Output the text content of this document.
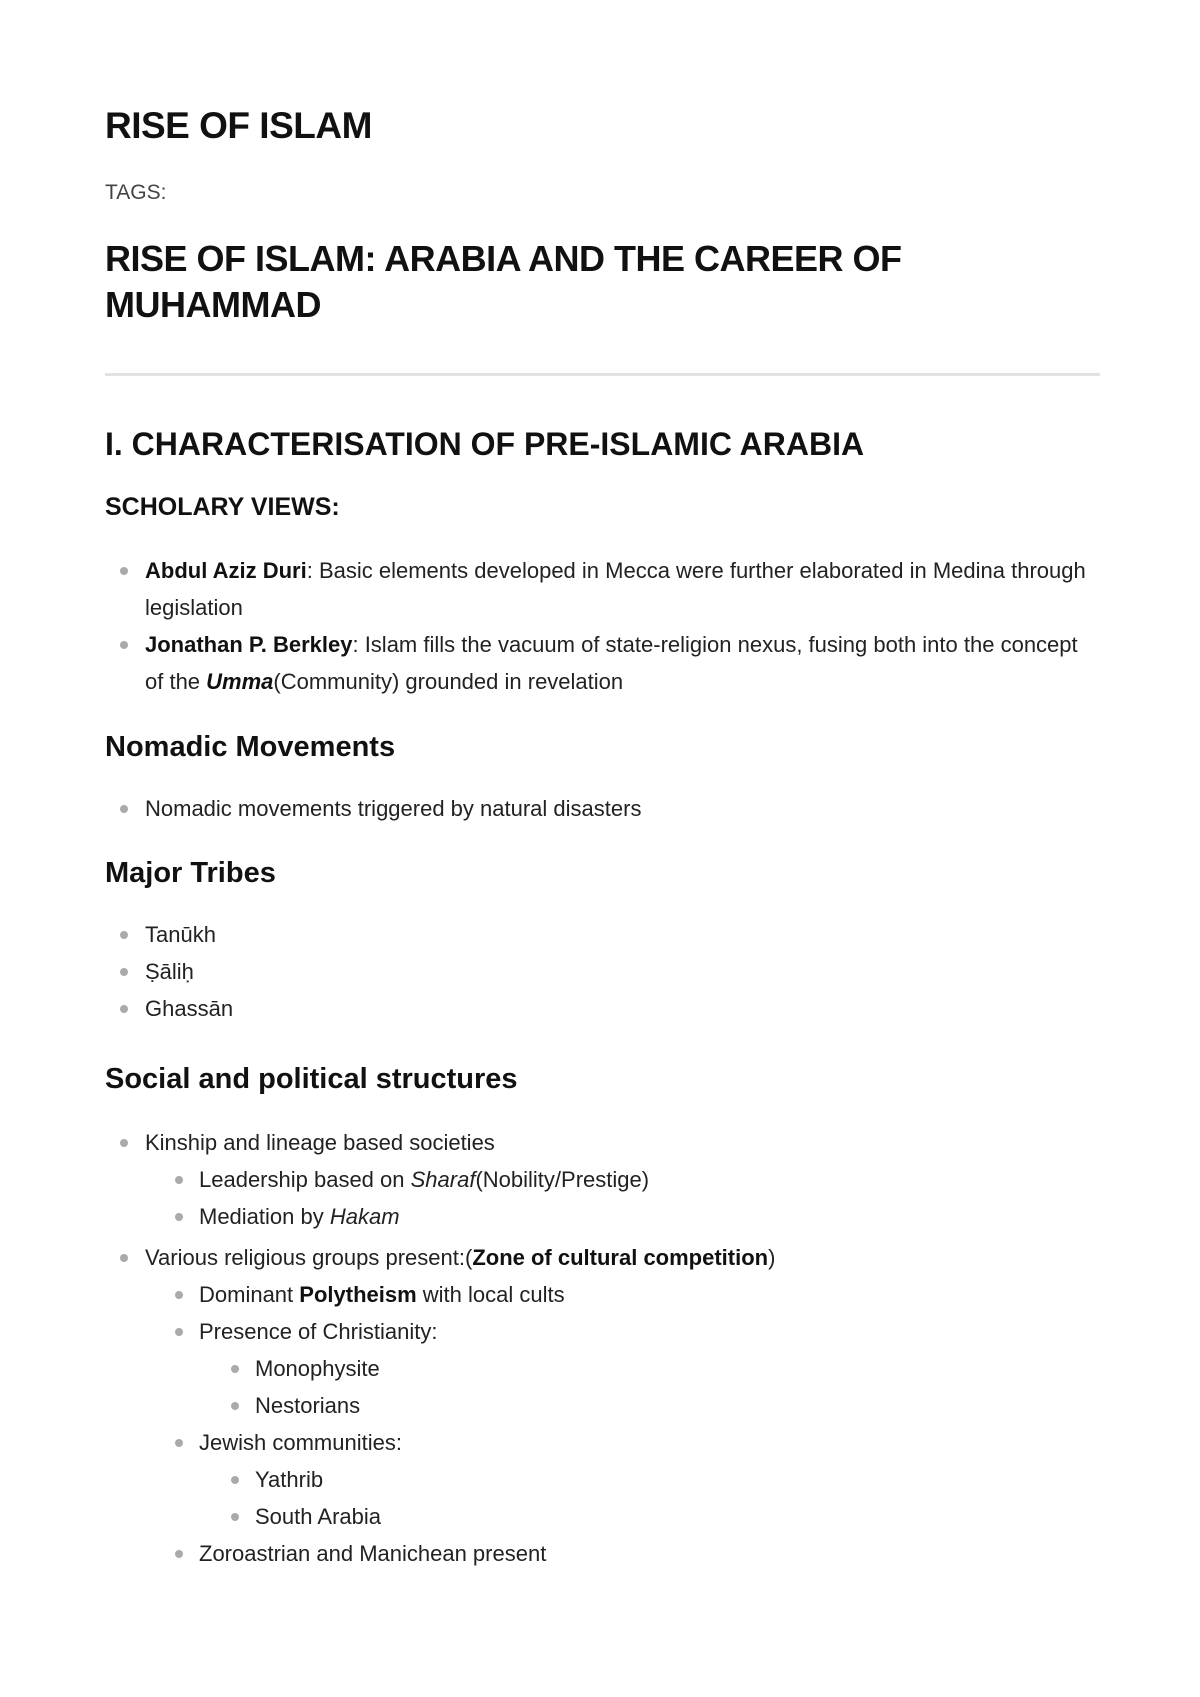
RISE OF ISLAM
TAGS:
RISE OF ISLAM: ARABIA AND THE CAREER OF MUHAMMAD
I. CHARACTERISATION OF PRE-ISLAMIC ARABIA
SCHOLARY VIEWS:
Abdul Aziz Duri: Basic elements developed in Mecca were further elaborated in Medina through legislation
Jonathan P. Berkley: Islam fills the vacuum of state-religion nexus, fusing both into the concept of the Umma(Community) grounded in revelation
Nomadic Movements
Nomadic movements triggered by natural disasters
Major Tribes
Tanūkh
Ṣāliḥ
Ghassān
Social and political structures
Kinship and lineage based societies
Leadership based on Sharaf(Nobility/Prestige)
Mediation by Hakam
Various religious groups present:(Zone of cultural competition)
Dominant Polytheism with local cults
Presence of Christianity:
Monophysite
Nestorians
Jewish communities:
Yathrib
South Arabia
Zoroastrian and Manichean present
